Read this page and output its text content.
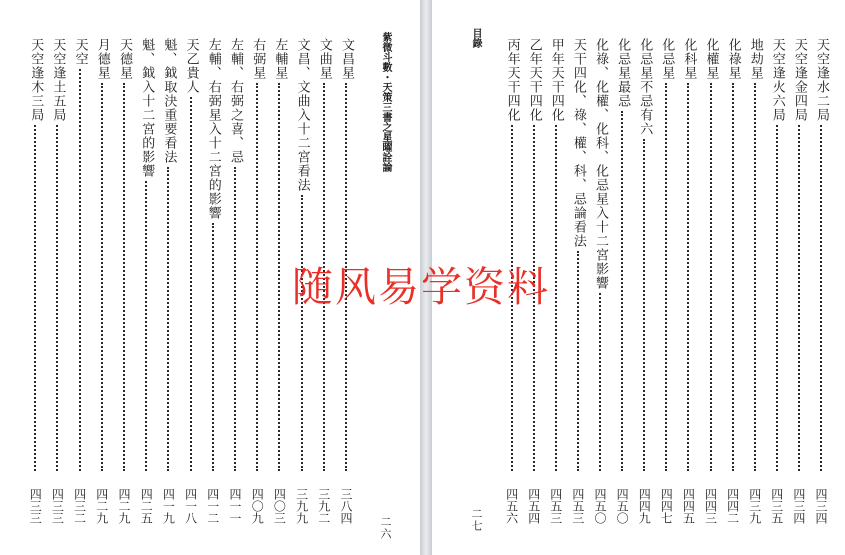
二六
紫微斗數・天策三書之星曜詮論
文昌星
三八四
文曲星
三九二
文昌、文曲入十二宮看法
三九九
左輔星
四〇三
右弼星
四〇九
左輔、右弼之喜、忌
四一一
左輔、右弼星入十二宮的影響
四一二
天乙貴人
四一八
魁、鉞取決重要看法
四一九
魁、鉞入十二宮的影響
四二五
天德星
四二九
月德星
四二九
天空
四三二
天空逢土五局
四三三
天空逢木三局
四三三
目錄
二七
天空逢水二局
四三四
天空逢金四局
四三四
天空逢火六局
四三五
地劫星
四三九
化祿星
四四二
化權星
四四三
化科星
四四五
化忌星
四四七
化忌星不忌有六
四四九
化忌星最忌
四五〇
化祿、化權、化科、化忌星入十二宮影響
四五〇
天干四化、祿、權、科、忌論看法
四五三
甲年天干四化
四五三
乙年天干四化
四五四
丙年天干四化
四五六
随风易学资料
